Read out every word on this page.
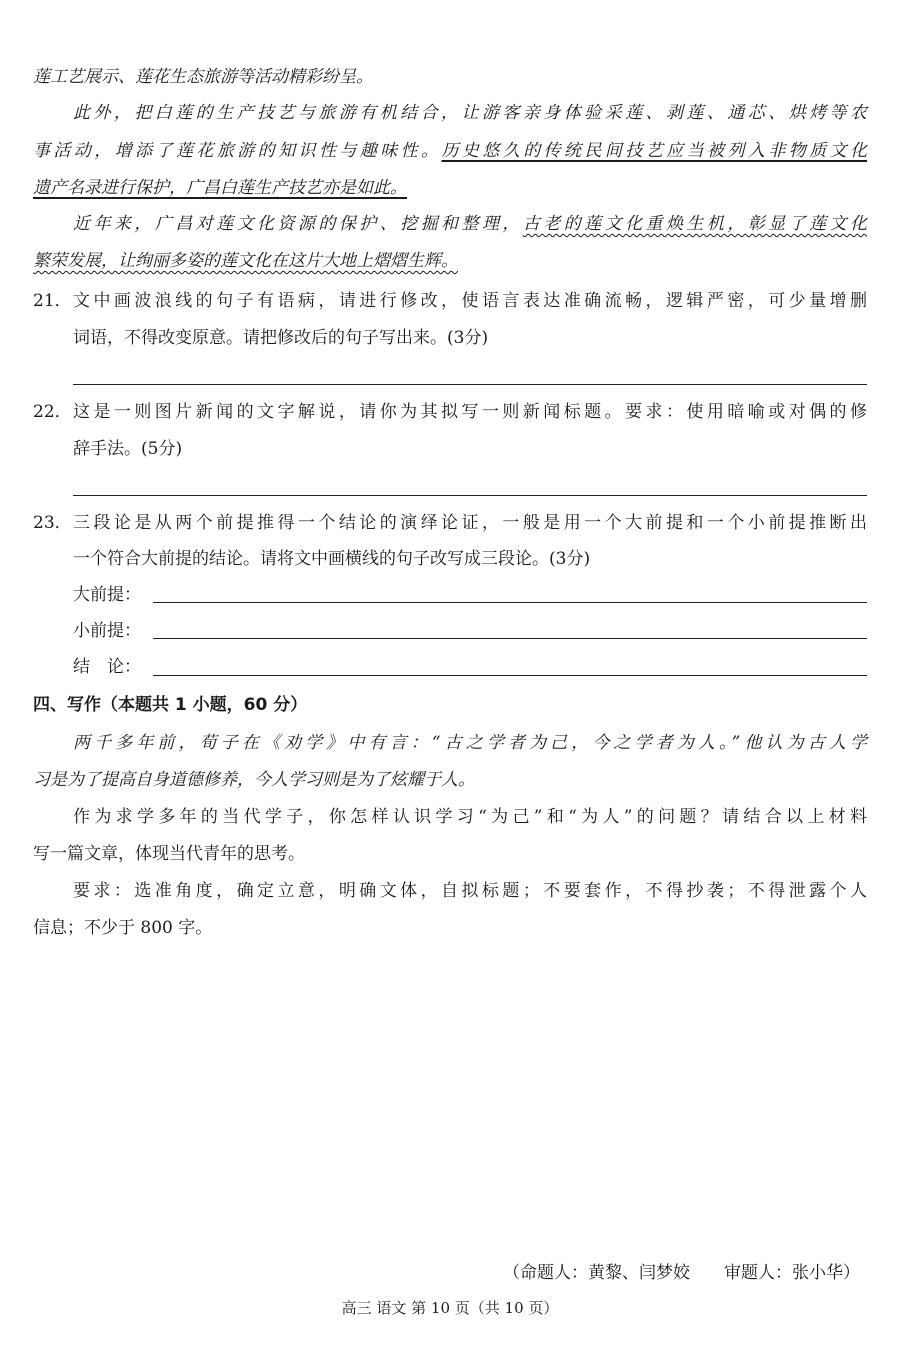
莲工艺展示、莲花生态旅游等活动精彩纷呈。
此外，把白莲的生产技艺与旅游有机结合，让游客亲身体验采莲、剥莲、通芯、烘烤等农
事活动，增添了莲花旅游的知识性与趣味性。历史悠久的传统民间技艺应当被列入非物质文化
遗产名录进行保护，广昌白莲生产技艺亦是如此。
近年来，广昌对莲文化资源的保护、挖掘和整理，古老的莲文化重焕生机，彰显了莲文化
繁荣发展，让绚丽多姿的莲文化在这片大地上熠熠生辉。
21． 文中画波浪线的句子有语病，请进行修改，使语言表达准确流畅，逻辑严密，可少量增删
词语，不得改变原意。请把修改后的句子写出来。(3分)
22． 这是一则图片新闻的文字解说，请你为其拟写一则新闻标题。要求：使用暗喻或对偶的修
辞手法。(5分)
23． 三段论是从两个前提推得一个结论的演绎论证，一般是用一个大前提和一个小前提推断出
一个符合大前提的结论。请将文中画横线的句子改写成三段论。(3分)
大前提：
小前提：
结　论：
四、写作（本题共 1 小题，60 分）
两千多年前，荀子在《劝学》中有言：“古之学者为己，今之学者为人。”他认为古人学
习是为了提高自身道德修养，今人学习则是为了炫耀于人。
作为求学多年的当代学子，你怎样认识学习“为己”和“为人”的问题？请结合以上材料
写一篇文章，体现当代青年的思考。
要求：选准角度，确定立意，明确文体，自拟标题；不要套作，不得抄袭；不得泄露个人
信息；不少于 800 字。
（命题人：黄黎、闫梦姣　　审题人：张小华）
高三 语文 第 10 页（共 10 页）
